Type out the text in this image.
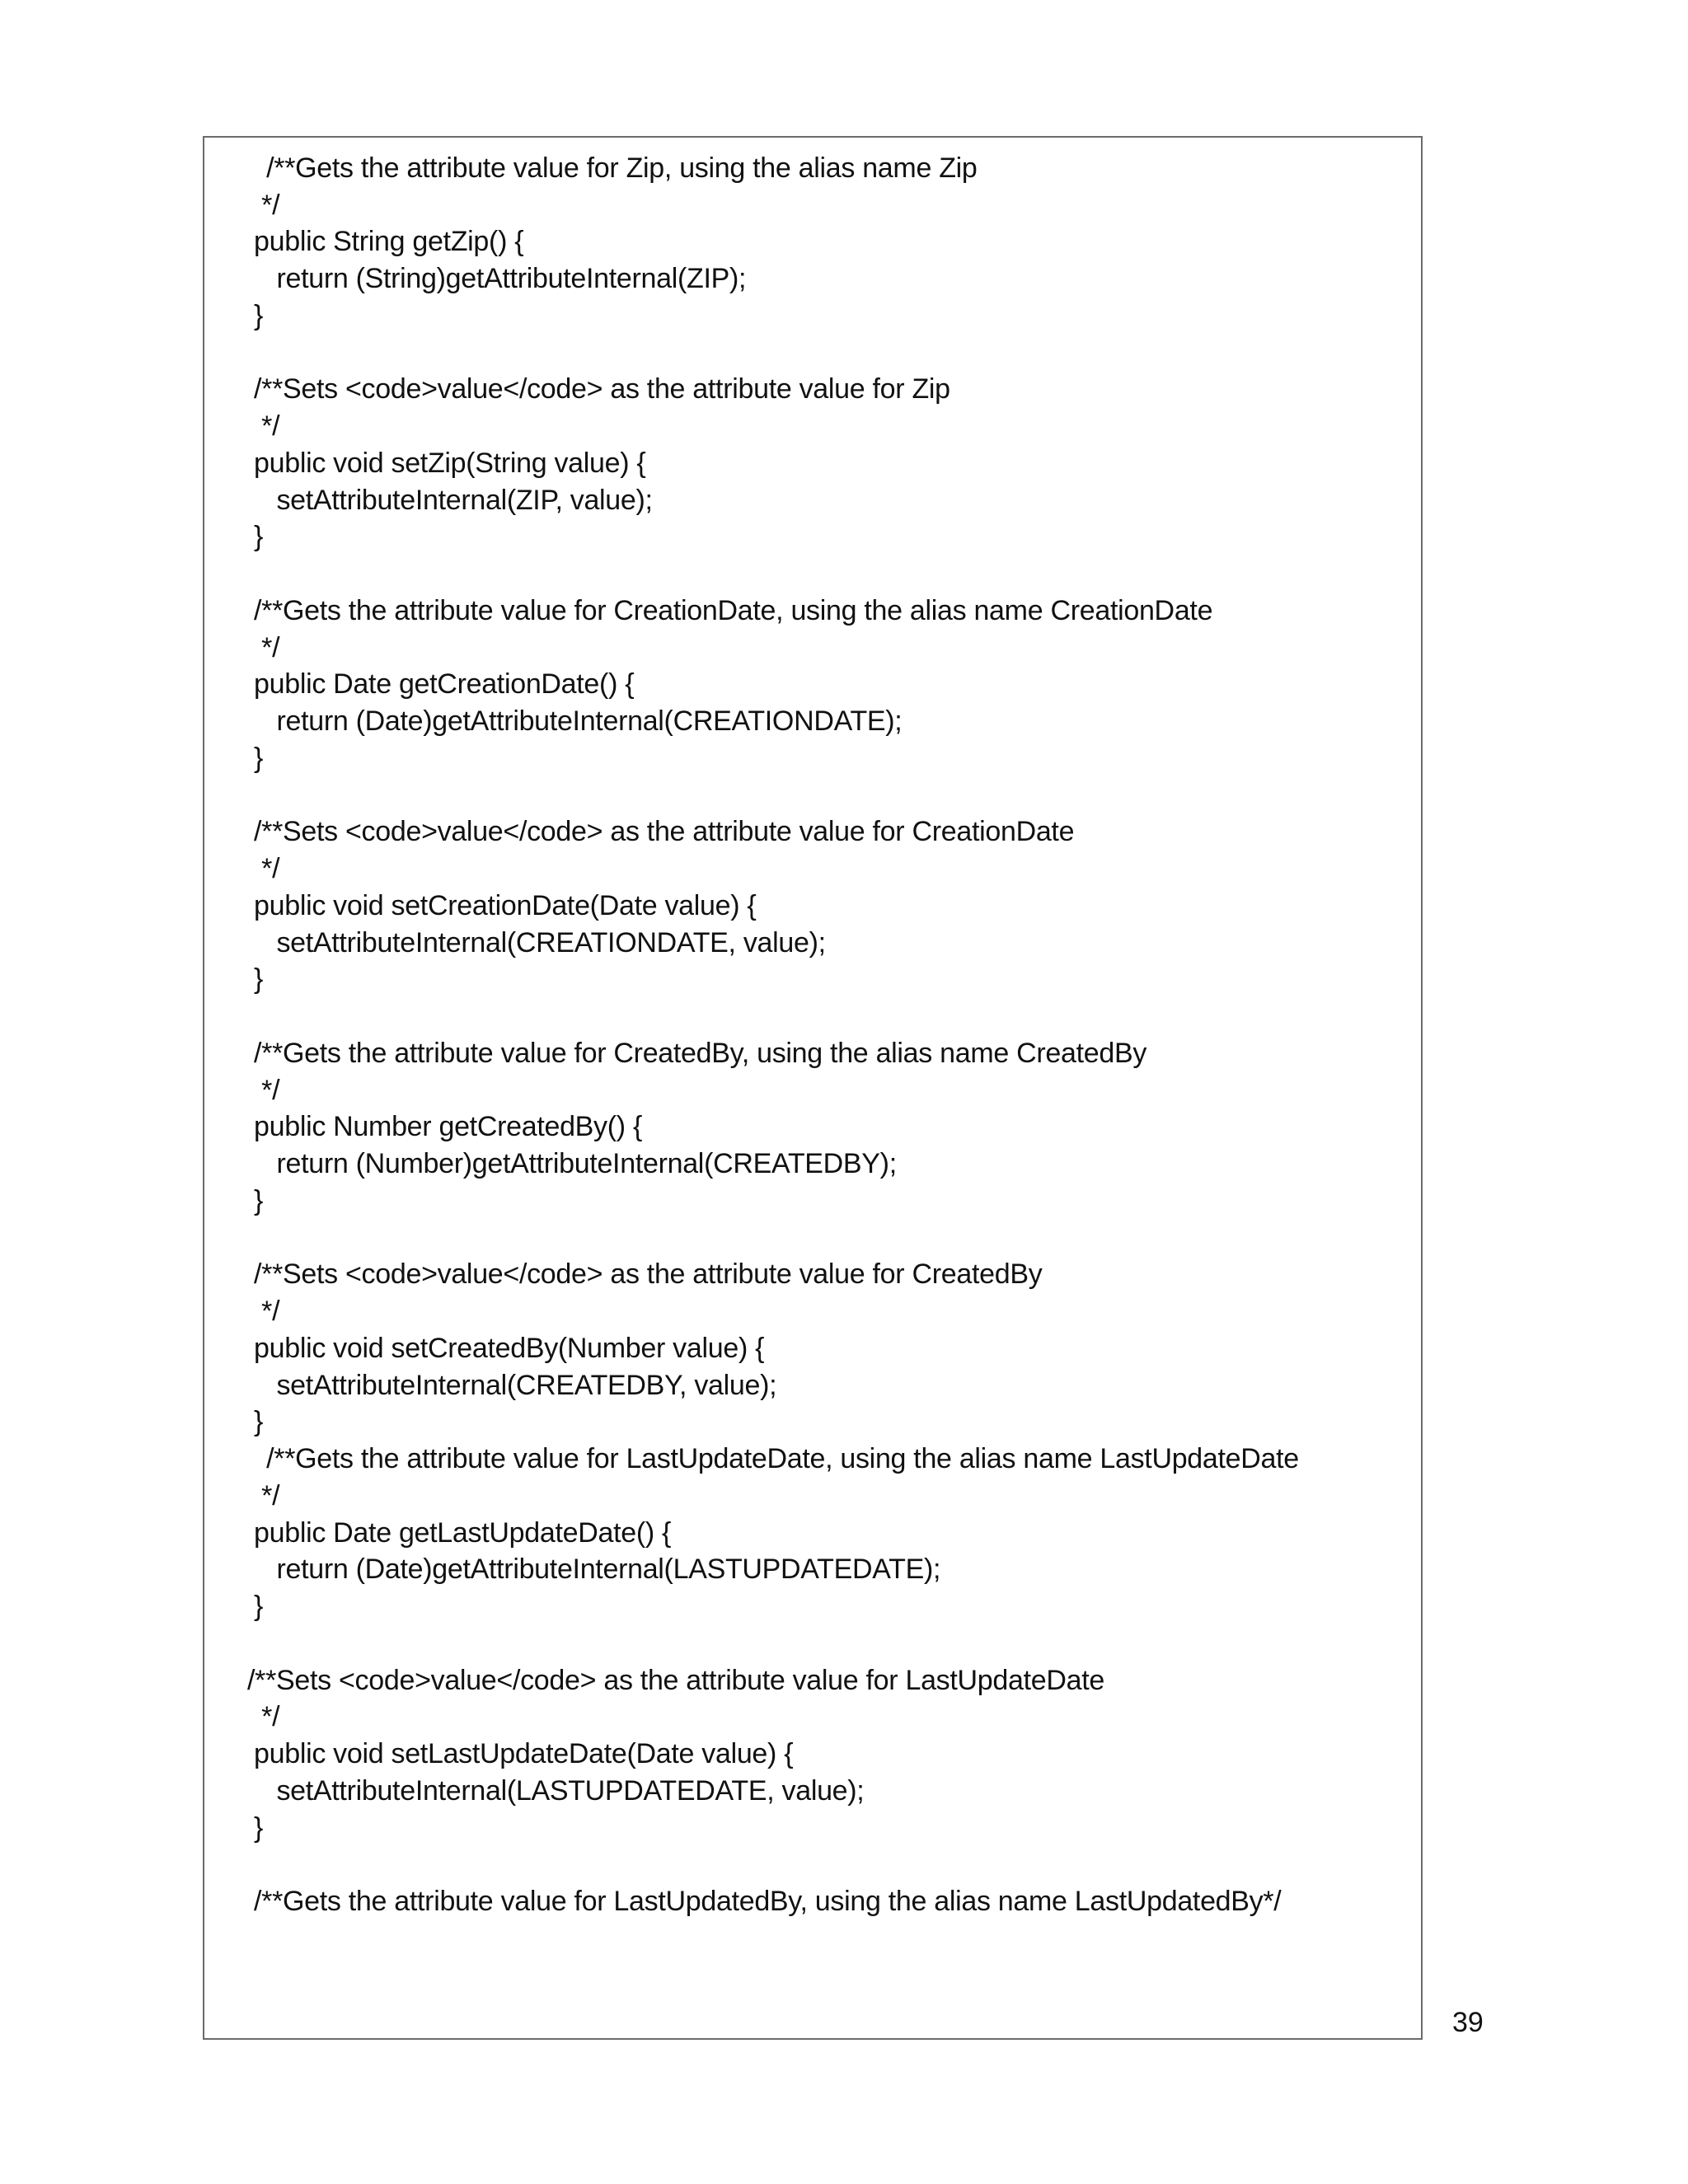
/**Gets the attribute value for Zip, using the alias name Zip
*/
public String getZip() {
return (String)getAttributeInternal(ZIP);
}
/**Sets <code>value</code> as the attribute value for Zip
*/
public void setZip(String value) {
setAttributeInternal(ZIP, value);
}
/**Gets the attribute value for CreationDate, using the alias name CreationDate
*/
public Date getCreationDate() {
return (Date)getAttributeInternal(CREATIONDATE);
}
/**Sets <code>value</code> as the attribute value for CreationDate
*/
public void setCreationDate(Date value) {
setAttributeInternal(CREATIONDATE, value);
}
/**Gets the attribute value for CreatedBy, using the alias name CreatedBy
*/
public Number getCreatedBy() {
return (Number)getAttributeInternal(CREATEDBY);
}
/**Sets <code>value</code> as the attribute value for CreatedBy
*/
public void setCreatedBy(Number value) {
setAttributeInternal(CREATEDBY, value);
}
/**Gets the attribute value for LastUpdateDate, using the alias name LastUpdateDate
*/
public Date getLastUpdateDate() {
return (Date)getAttributeInternal(LASTUPDATEDATE);
}
/**Sets <code>value</code> as the attribute value for LastUpdateDate
*/
public void setLastUpdateDate(Date value) {
setAttributeInternal(LASTUPDATEDATE, value);
}
/**Gets the attribute value for LastUpdatedBy, using the alias name LastUpdatedBy*/
39
